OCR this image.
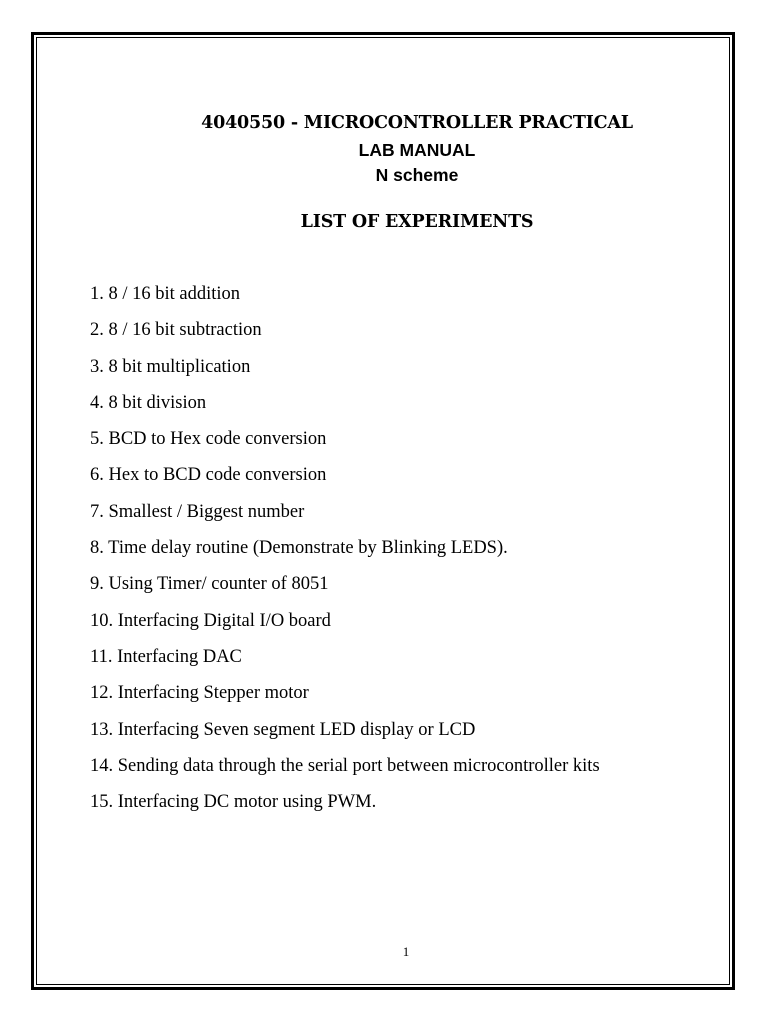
4040550 - MICROCONTROLLER PRACTICAL
LAB MANUAL
N scheme
LIST OF EXPERIMENTS
1. 8 / 16 bit addition
2. 8 / 16 bit subtraction
3. 8 bit multiplication
4. 8 bit division
5. BCD to Hex code conversion
6. Hex to BCD code conversion
7. Smallest / Biggest number
8. Time delay routine (Demonstrate by Blinking LEDS).
9. Using Timer/ counter of 8051
10. Interfacing Digital I/O board
11. Interfacing DAC
12. Interfacing Stepper motor
13. Interfacing Seven segment LED display or LCD
14. Sending data through the serial port between microcontroller kits
15. Interfacing DC motor using PWM.
1
